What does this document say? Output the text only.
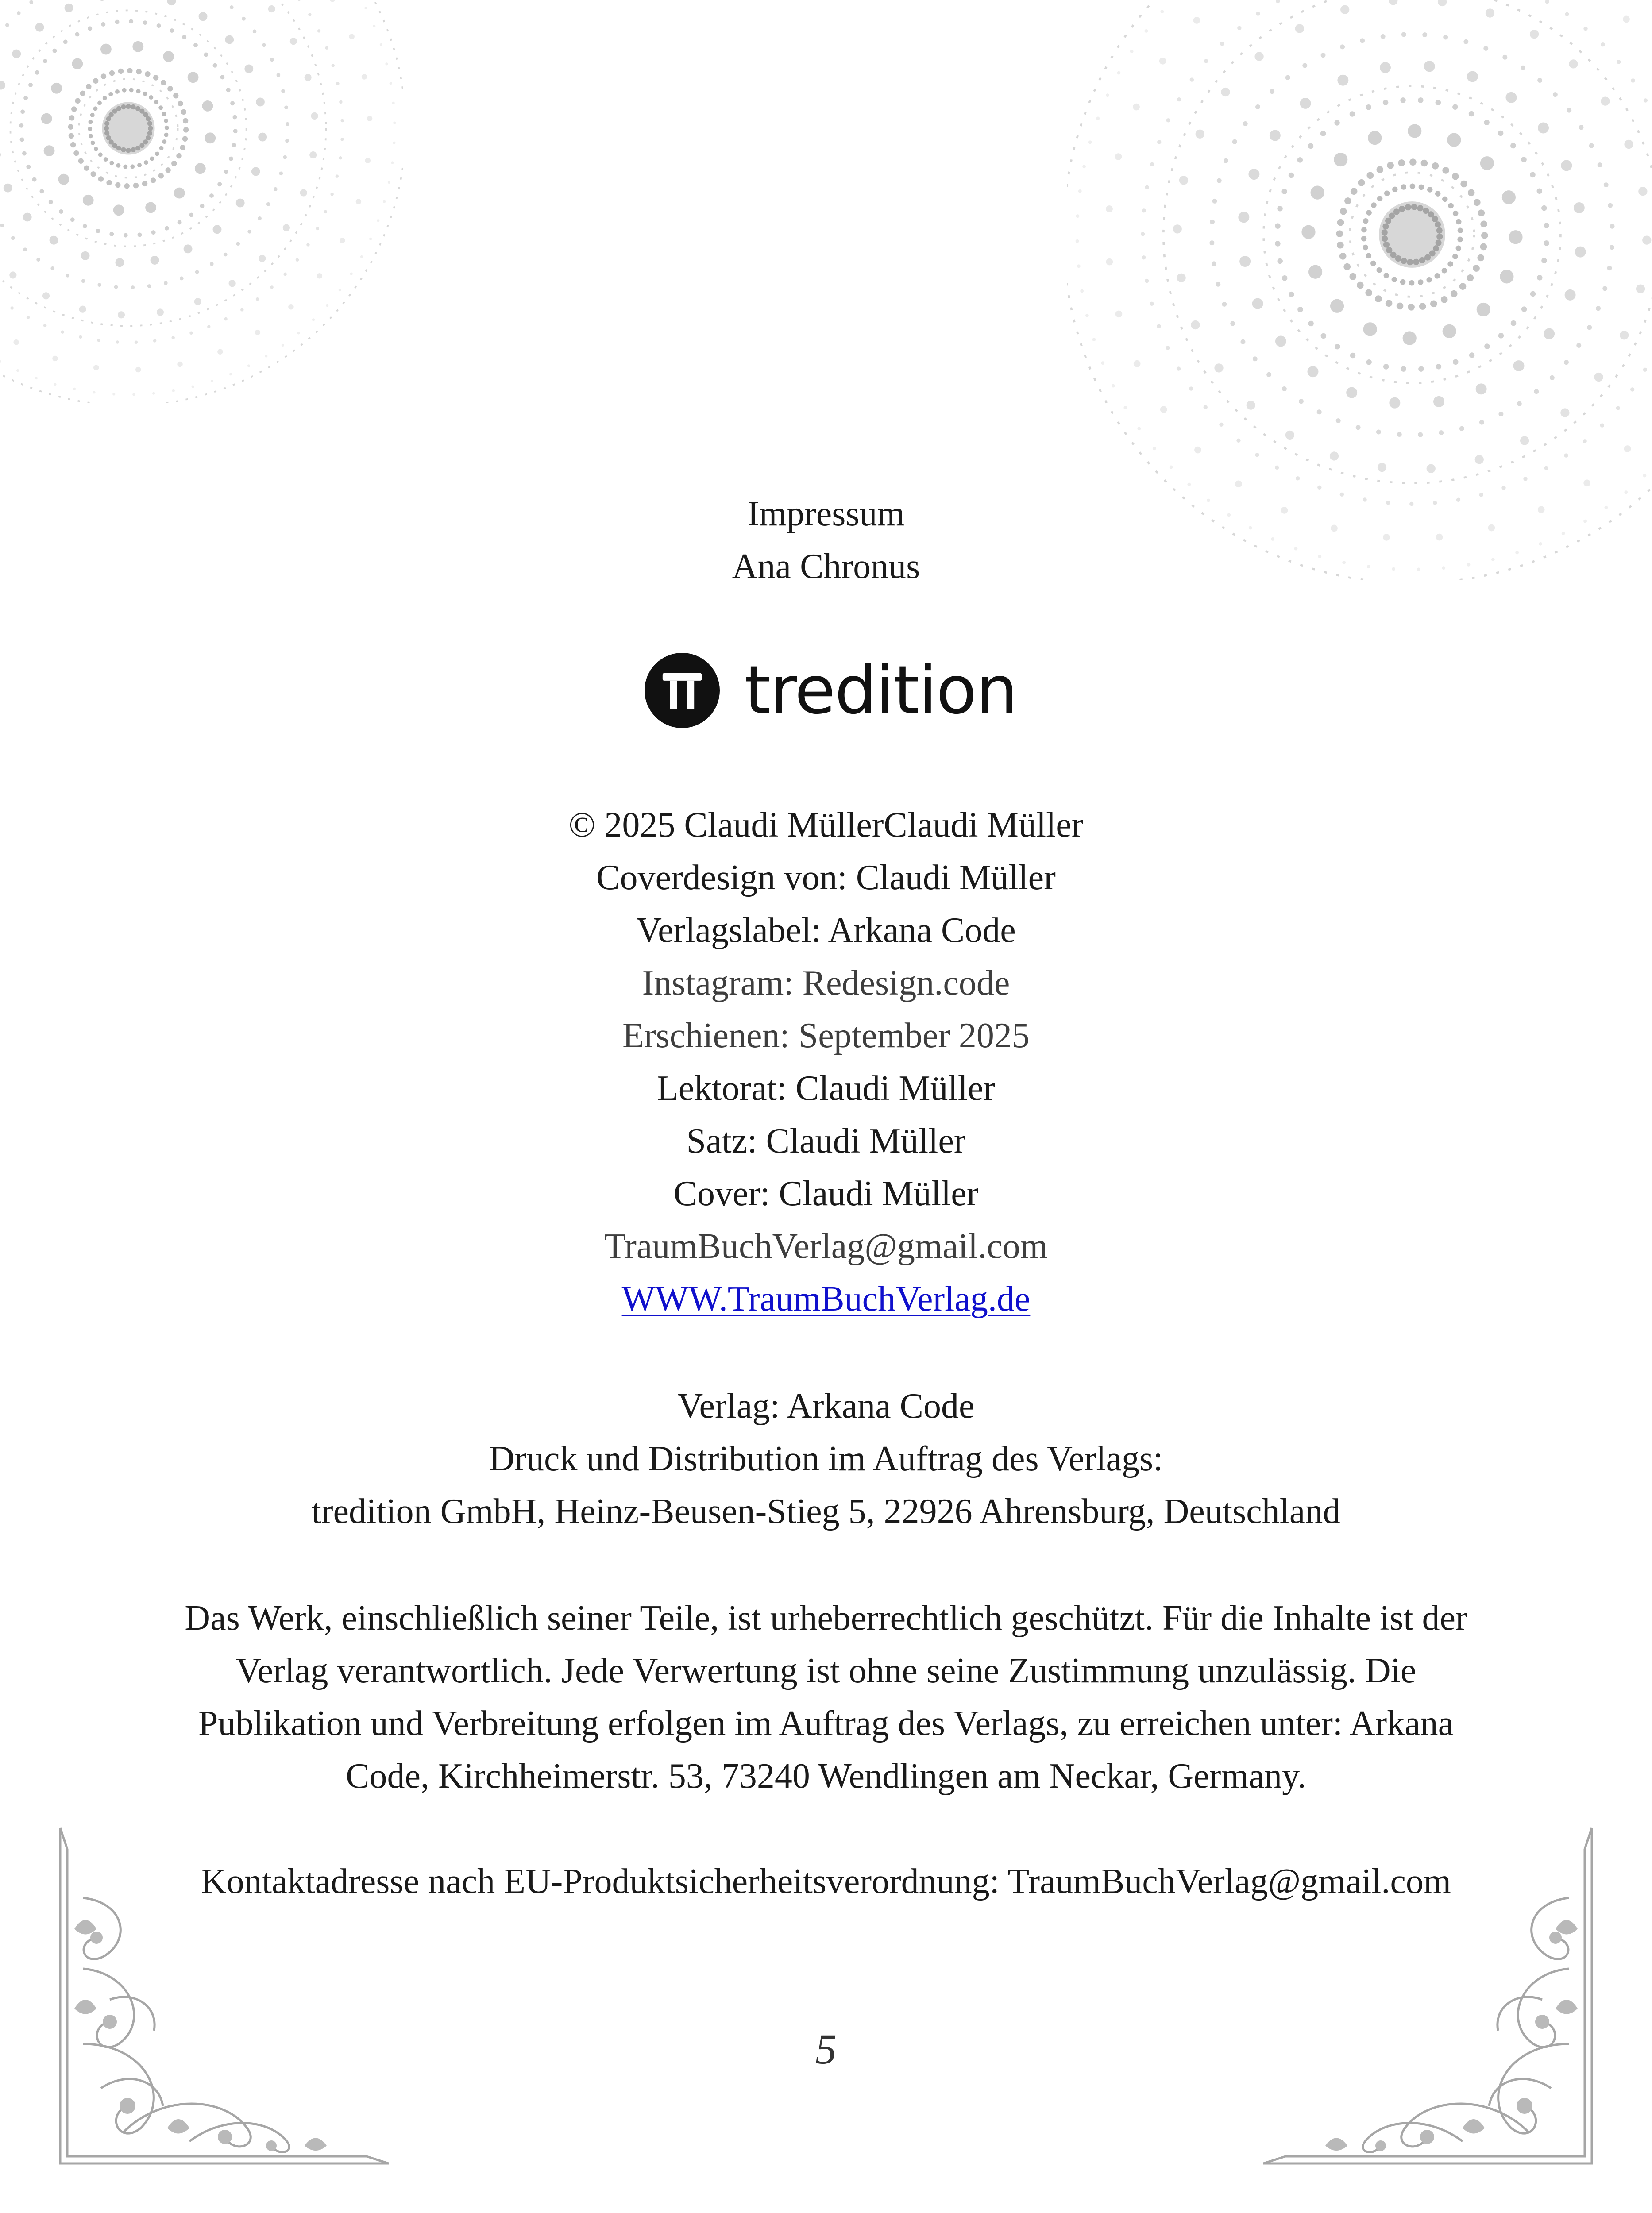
Impressum
Ana Chronus
tredition
© 2025 Claudi MüllerClaudi Müller
Coverdesign von: Claudi Müller
Verlagslabel: Arkana Code
Instagram: Redesign.code
Erschienen: September 2025
Lektorat: Claudi Müller
Satz: Claudi Müller
Cover: Claudi Müller
TraumBuchVerlag@gmail.com
WWW.TraumBuchVerlag.de
Verlag: Arkana Code
Druck und Distribution im Auftrag des Verlags:
tredition GmbH, Heinz-Beusen-Stieg 5, 22926 Ahrensburg, Deutschland
Das Werk, einschließlich seiner Teile, ist urheberrechtlich geschützt. Für die Inhalte ist der
Verlag verantwortlich. Jede Verwertung ist ohne seine Zustimmung unzulässig. Die
Publikation und Verbreitung erfolgen im Auftrag des Verlags, zu erreichen unter: Arkana
Code, Kirchheimerstr. 53, 73240 Wendlingen am Neckar, Germany.
Kontaktadresse nach EU-Produktsicherheitsverordnung: TraumBuchVerlag@gmail.com
5
